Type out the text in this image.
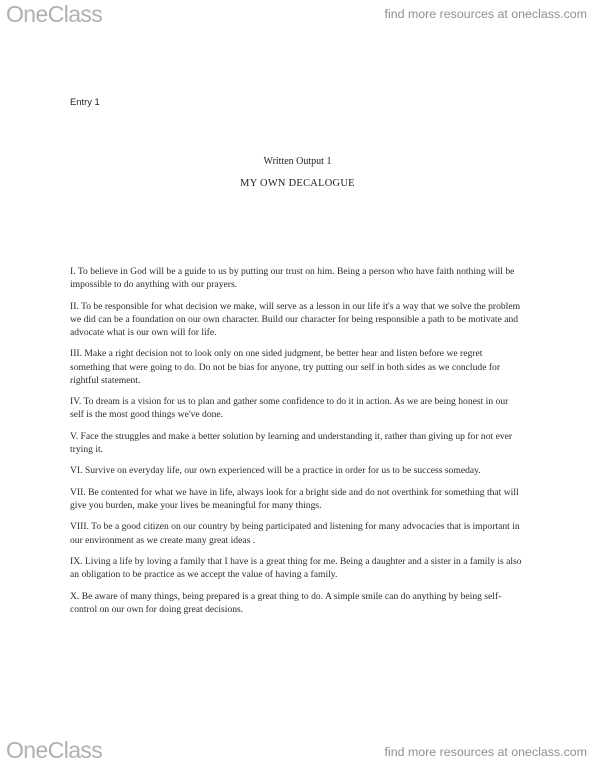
OneClass	find more resources at oneclass.com
Entry 1
Written Output 1
MY OWN DECALOGUE
I. To believe in God will be a guide to us by putting our trust on him. Being a person who have faith nothing will be impossible to do anything with our prayers.
II. To be responsible for what decision we make, will serve as a lesson in our life it's a way that we solve the problem we did can be a foundation on our own character. Build our character for being responsible a path to be motivate and advocate what is our own will for life.
III. Make a right decision not to look only on one sided judgment, be better hear and listen before we regret something that were going to do. Do not be bias for anyone, try putting our self in both sides as we conclude for rightful statement.
IV. To dream is a vision for us to plan and gather some confidence to do it in action. As we are being honest in our self is the most good things we've done.
V. Face the struggles and make a better solution by learning and understanding it, rather than giving up for not ever trying it.
VI. Survive on everyday life, our own experienced will be a practice in order for us to be success someday.
VII. Be contented for what we have in life, always look for a bright side and do not overthink for something that will give you burden, make your lives be meaningful for many things.
VIII. To be a good citizen on our country by being participated and listening for many advocacies that is important in our environment as we create many great ideas .
IX. Living a life by loving a family that I have is a great thing for me. Being a daughter and a sister in a family is also an obligation to be practice as we accept the value of having a family.
X. Be aware of many things, being prepared is a great thing to do. A simple smile can do anything by being self-control on our own for doing great decisions.
OneClass	find more resources at oneclass.com
